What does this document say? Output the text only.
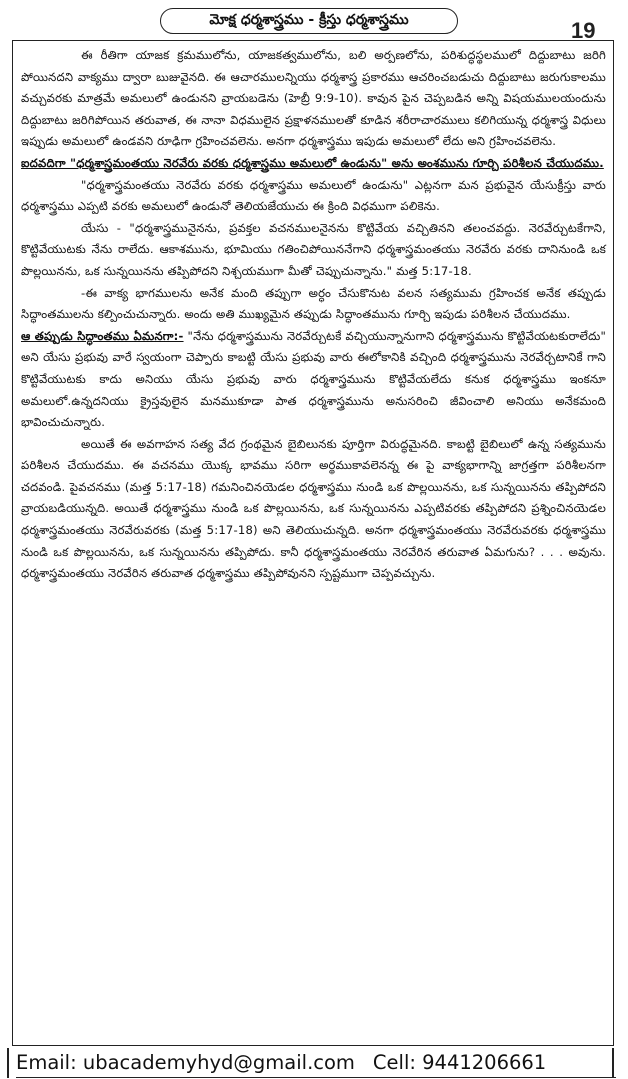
మోక్ష ధర్మశాస్త్రము - క్రీస్తు ధర్మశాస్త్రము	19

ఈ రీతిగా యాజక క్రమములోను, యాజకత్వములోను, బలి అర్పణలోను, పరిశుద్ధస్థలములో దిద్దుబాటు జరిగి పోయినదని వాక్యము ద్వారా బుజువైనది. ఈ ఆచారములన్నియు ధర్మశాస్త్ర ప్రకారము ఆచరించబడుచు దిద్దుబాటు జరుగుకాలము వచ్చువరకు మాత్రమే అమలులో ఉండునని వ్రాయబడెను (హెబ్రీ 9:9-10). కావున పైన చెప్పబడిన అన్ని విషయములయందును దిద్దుబాటు జరిగిపోయిన తరువాత, ఈ నానా విధములైన ప్రక్షాళనములతో కూడిన శరీరాచారములు కలిగియున్న ధర్మశాస్త్ర విధులు ఇప్పుడు అమలులో ఉండవని రూఢిగా గ్రహించవలెను. అనగా ధర్మశాస్త్రము ఇపుడు అమలులో లేదు అని గ్రహించవలెను.

ఐదవదిగా "ధర్మశాస్త్రమంతయు నెరవేరు వరకు ధర్మశాస్త్రము అమలులో ఉండును" అను అంశమును గూర్చి పరిశీలన చేయుదము.

"ధర్మశాస్త్రమంతయు నెరవేరు వరకు ధర్మశాస్త్రము అమలులో ఉండును" ఎట్లనగా మన ప్రభువైన యేసుక్రీస్తు వారు ధర్మశాస్త్రము ఎప్పటి వరకు అమలులో ఉండునో తెలియజేయుచు ఈ క్రింది విధముగా పలికెను.

యేసు - "ధర్మశాస్త్రమునైనను, ప్రవక్తల వచనములనైనను కొట్టివేయ వచ్చితినని తలంచవద్దు. నెరవేర్చుటకేగాని, కొట్టివేయుటకు నేను రాలేదు. ఆకాశమును, భూమియు గతించిపోయిననేగాని ధర్మశాస్త్రమంతయు నెరవేరు వరకు దానినుండి ఒక పొల్లయినను, ఒక సున్నయినను తప్పిపోదని నిశ్చయముగా మీతో చెప్పుచున్నాను." మత్త 5:17-18.

-ఈ వాక్య భాగములను అనేక మంది తప్పుగా అర్ధం చేసుకొనుట వలన సత్యముమ గ్రహించక అనేక తప్పుడు సిద్ధాంతములను కల్పించుచున్నారు. అందు అతి ముఖ్యమైన తప్పుడు సిద్ధాంతమును గూర్చి ఇపుడు పరిశీలన చేయుదము.

ఆ తప్పుడు సిద్ధాంతము ఏమనగా:- "నేను ధర్మశాస్త్రమును నెరవేర్చుటకే వచ్చియున్నానుగాని ధర్మశాస్త్రమును కొట్టివేయటకురాలేదు" అని యేసు ప్రభువు వారే స్వయంగా చెప్పారు కాబట్టి యేసు ప్రభువు వారు ఈలోకానికి వచ్చింది ధర్మశాస్త్రమును నెరవేర్చటానికే గాని కొట్టివేయుటకు కాదు అనియు యేసు ప్రభువు వారు ధర్మశాస్త్రమును కొట్టివేయలేదు కనుక ధర్మశాస్త్రము ఇంకనూ అమలులో.ఉన్నదనియు క్రైస్తవులైన మనముకూడా పాత ధర్మశాస్త్రమును అనుసరించి జీవించాలి అనియు అనేకమంది భావించుచున్నారు.

అయితే ఈ అవగాహన సత్య వేద గ్రంథమైన బైబిలునకు పూర్తిగా విరుద్ధమైనది. కాబట్టి బైబిలులో ఉన్న సత్యమును పరిశీలన చేయుదము. ఈ వచనము యొక్క భావము సరిగా అర్థముకావలెనన్న ఈ పై వాక్యభాగాన్ని జాగ్రత్తగా పరిశీలనగా చదవండి. పైవచనము (మత్త 5:17-18) గమనించినయెడల ధర్మశాస్త్రము నుండి ఒక పొల్లయినను, ఒక సున్నయినను తప్పిపోదని వ్రాయబడియున్నది. అయితే ధర్మశాస్త్రము నుండి ఒక పొల్లయినను, ఒక సున్నయినను ఎప్పటివరకు తప్పిపోదని ప్రశ్నించినయెడల ధర్మశాస్త్రమంతయు నెరవేరువరకు (మత్త 5:17-18) అని తెలియుచున్నది. అనగా ధర్మశాస్త్రమంతయు నెరవేరువరకు ధర్మశాస్త్రము నుండి ఒక పొల్లయినను, ఒక సున్నయినను తప్పిపోదు. కానీ ధర్మశాస్త్రమంతయు నెరవేరిన తరువాత ఏమగును? . . . అవును. ధర్మశాస్త్రమంతయు నెరవేరిన తరువాత ధర్మశాస్త్రము తప్పిపోవునని స్పష్టముగా చెప్పవచ్చును.

Email: ubacademyhyd@gmail.com Cell: 9441206661
